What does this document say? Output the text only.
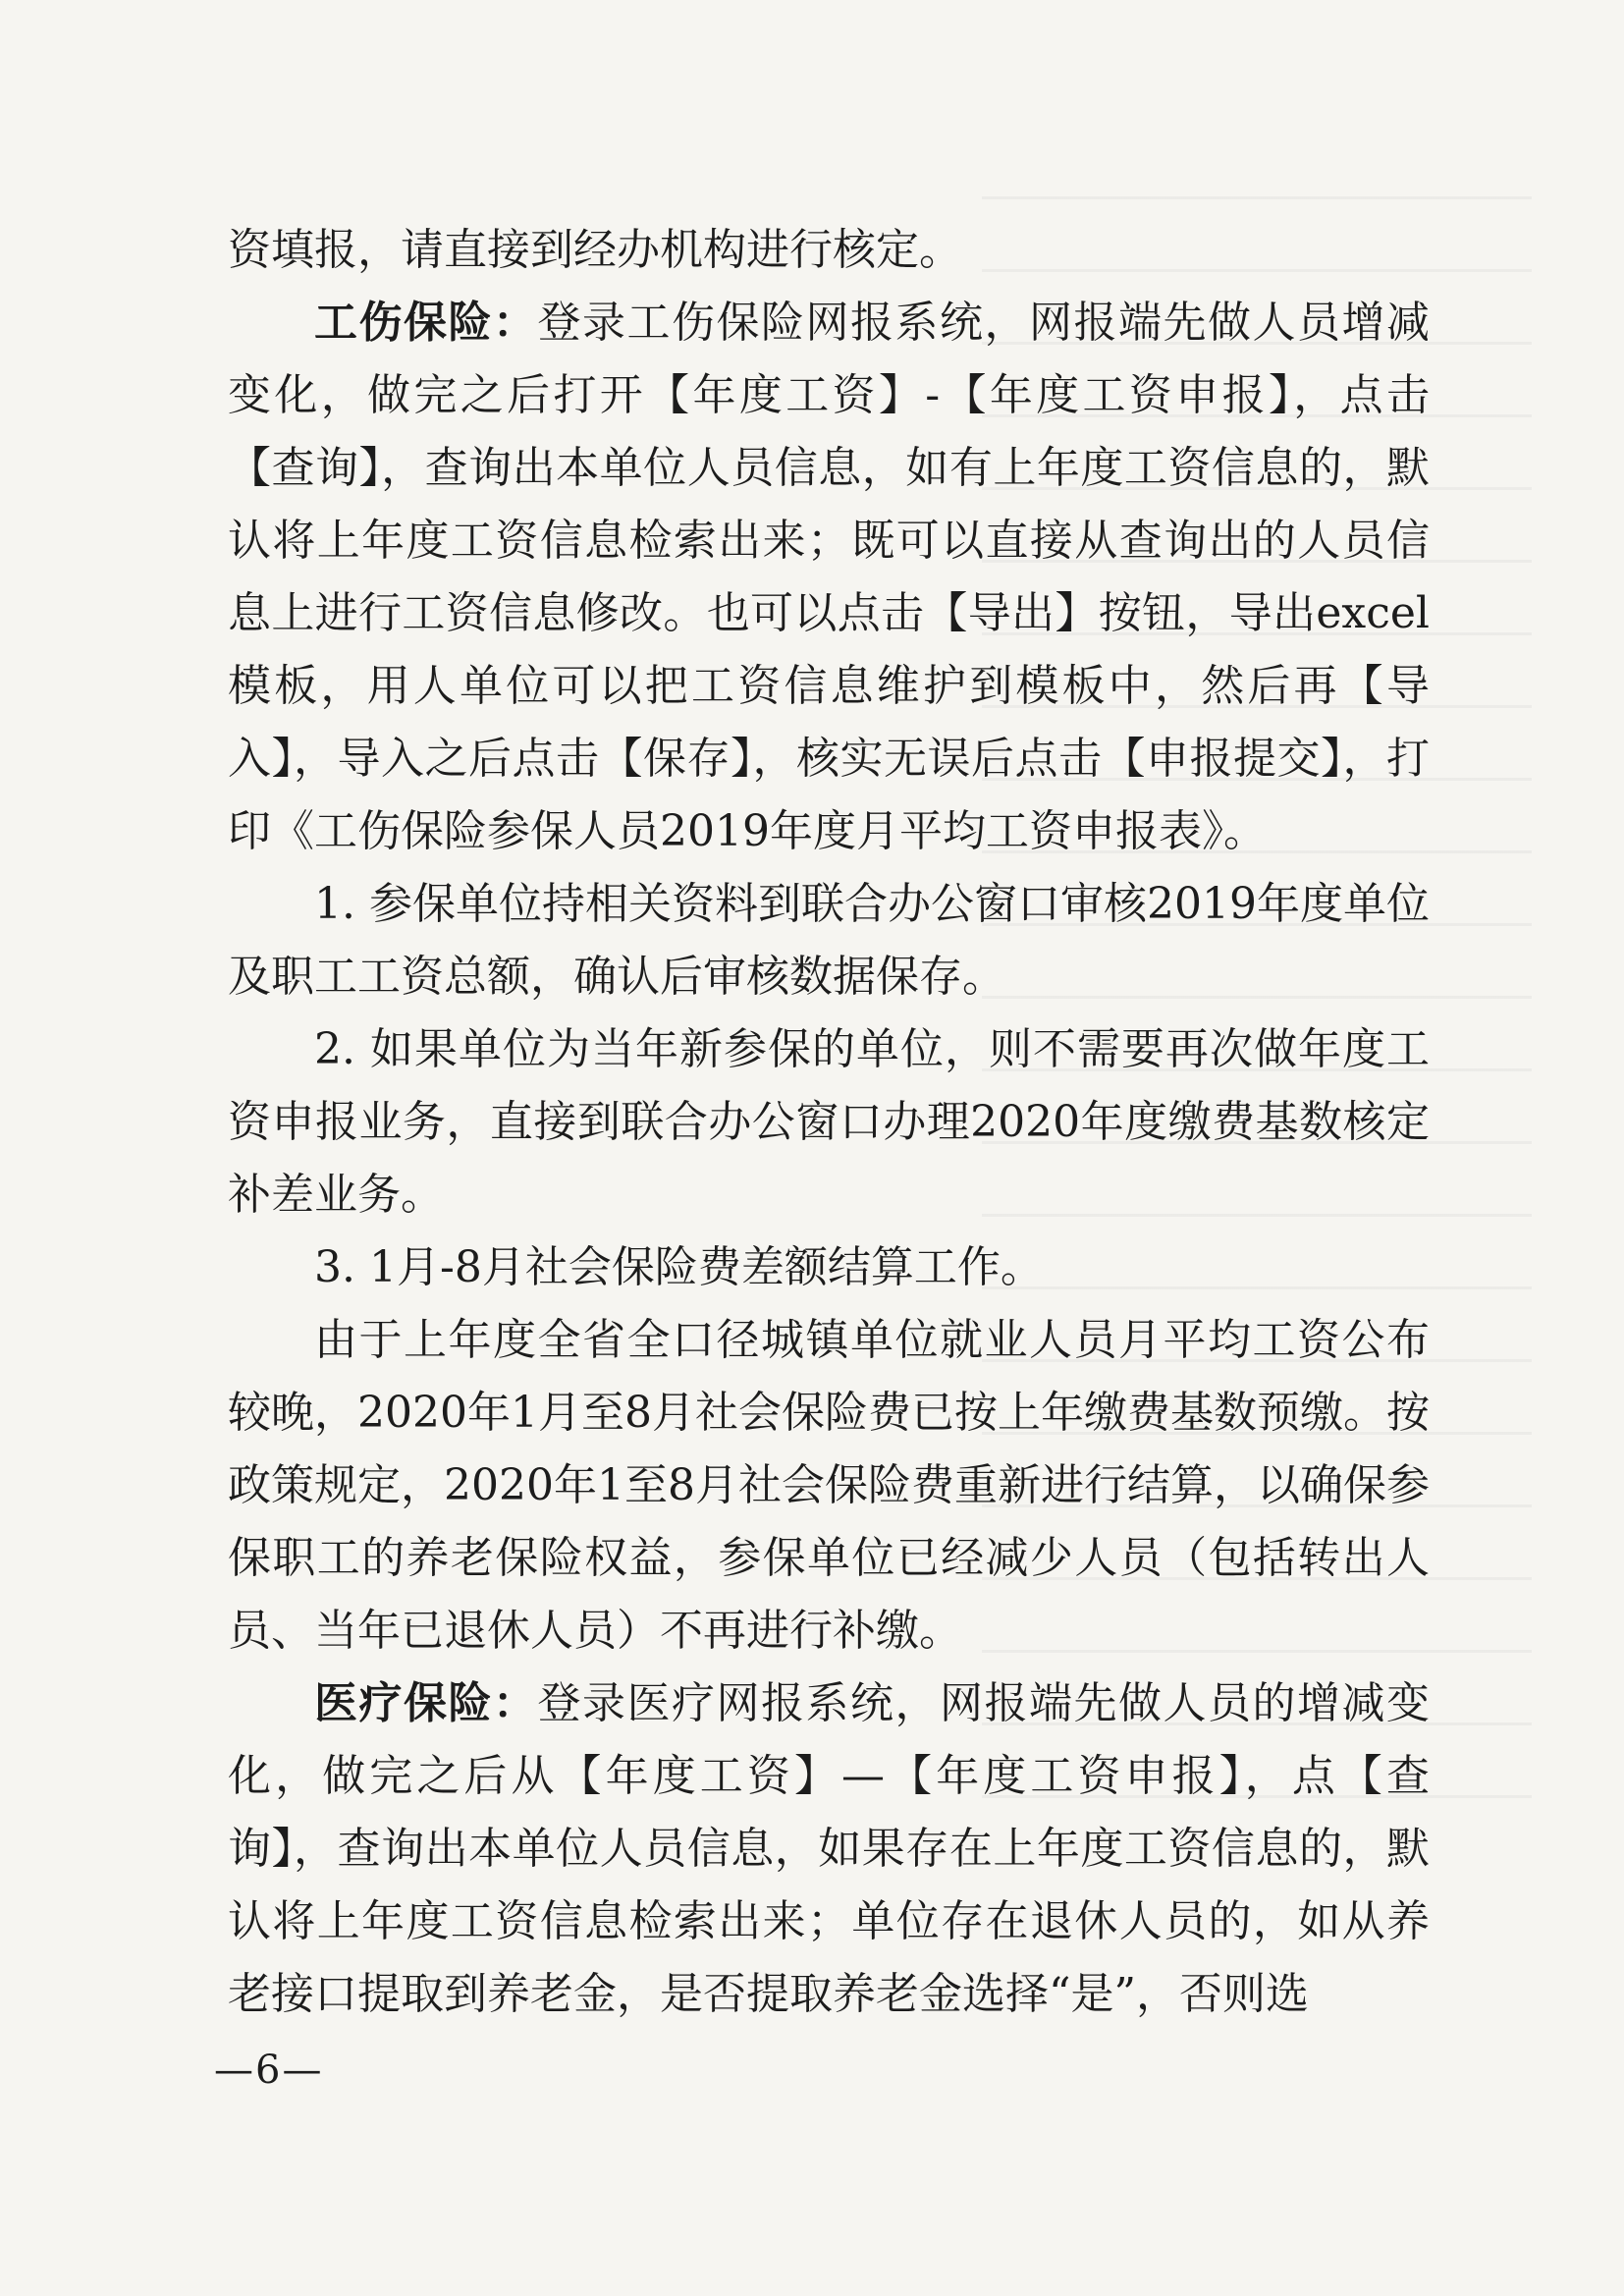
资填报，请直接到经办机构进行核定。

工伤保险：登录工伤保险网报系统，网报端先做人员增减变化，做完之后打开【年度工资】-【年度工资申报】，点击【查询】，查询出本单位人员信息，如有上年度工资信息的，默认将上年度工资信息检索出来；既可以直接从查询出的人员信息上进行工资信息修改。也可以点击【导出】按钮，导出excel模板，用人单位可以把工资信息维护到模板中，然后再【导入】，导入之后点击【保存】，核实无误后点击【申报提交】，打印《工伤保险参保人员2019年度月平均工资申报表》。

1. 参保单位持相关资料到联合办公窗口审核2019年度单位及职工工资总额，确认后审核数据保存。

2. 如果单位为当年新参保的单位，则不需要再次做年度工资申报业务，直接到联合办公窗口办理2020年度缴费基数核定补差业务。

3. 1月-8月社会保险费差额结算工作。

由于上年度全省全口径城镇单位就业人员月平均工资公布较晚，2020年1月至8月社会保险费已按上年缴费基数预缴。按政策规定，2020年1至8月社会保险费重新进行结算，以确保参保职工的养老保险权益，参保单位已经减少人员（包括转出人员、当年已退休人员）不再进行补缴。

医疗保险：登录医疗网报系统，网报端先做人员的增减变化，做完之后从【年度工资】—【年度工资申报】，点【查询】，查询出本单位人员信息，如果存在上年度工资信息的，默认将上年度工资信息检索出来；单位存在退休人员的，如从养老接口提取到养老金，是否提取养老金选择“是”，否则选

—6—
